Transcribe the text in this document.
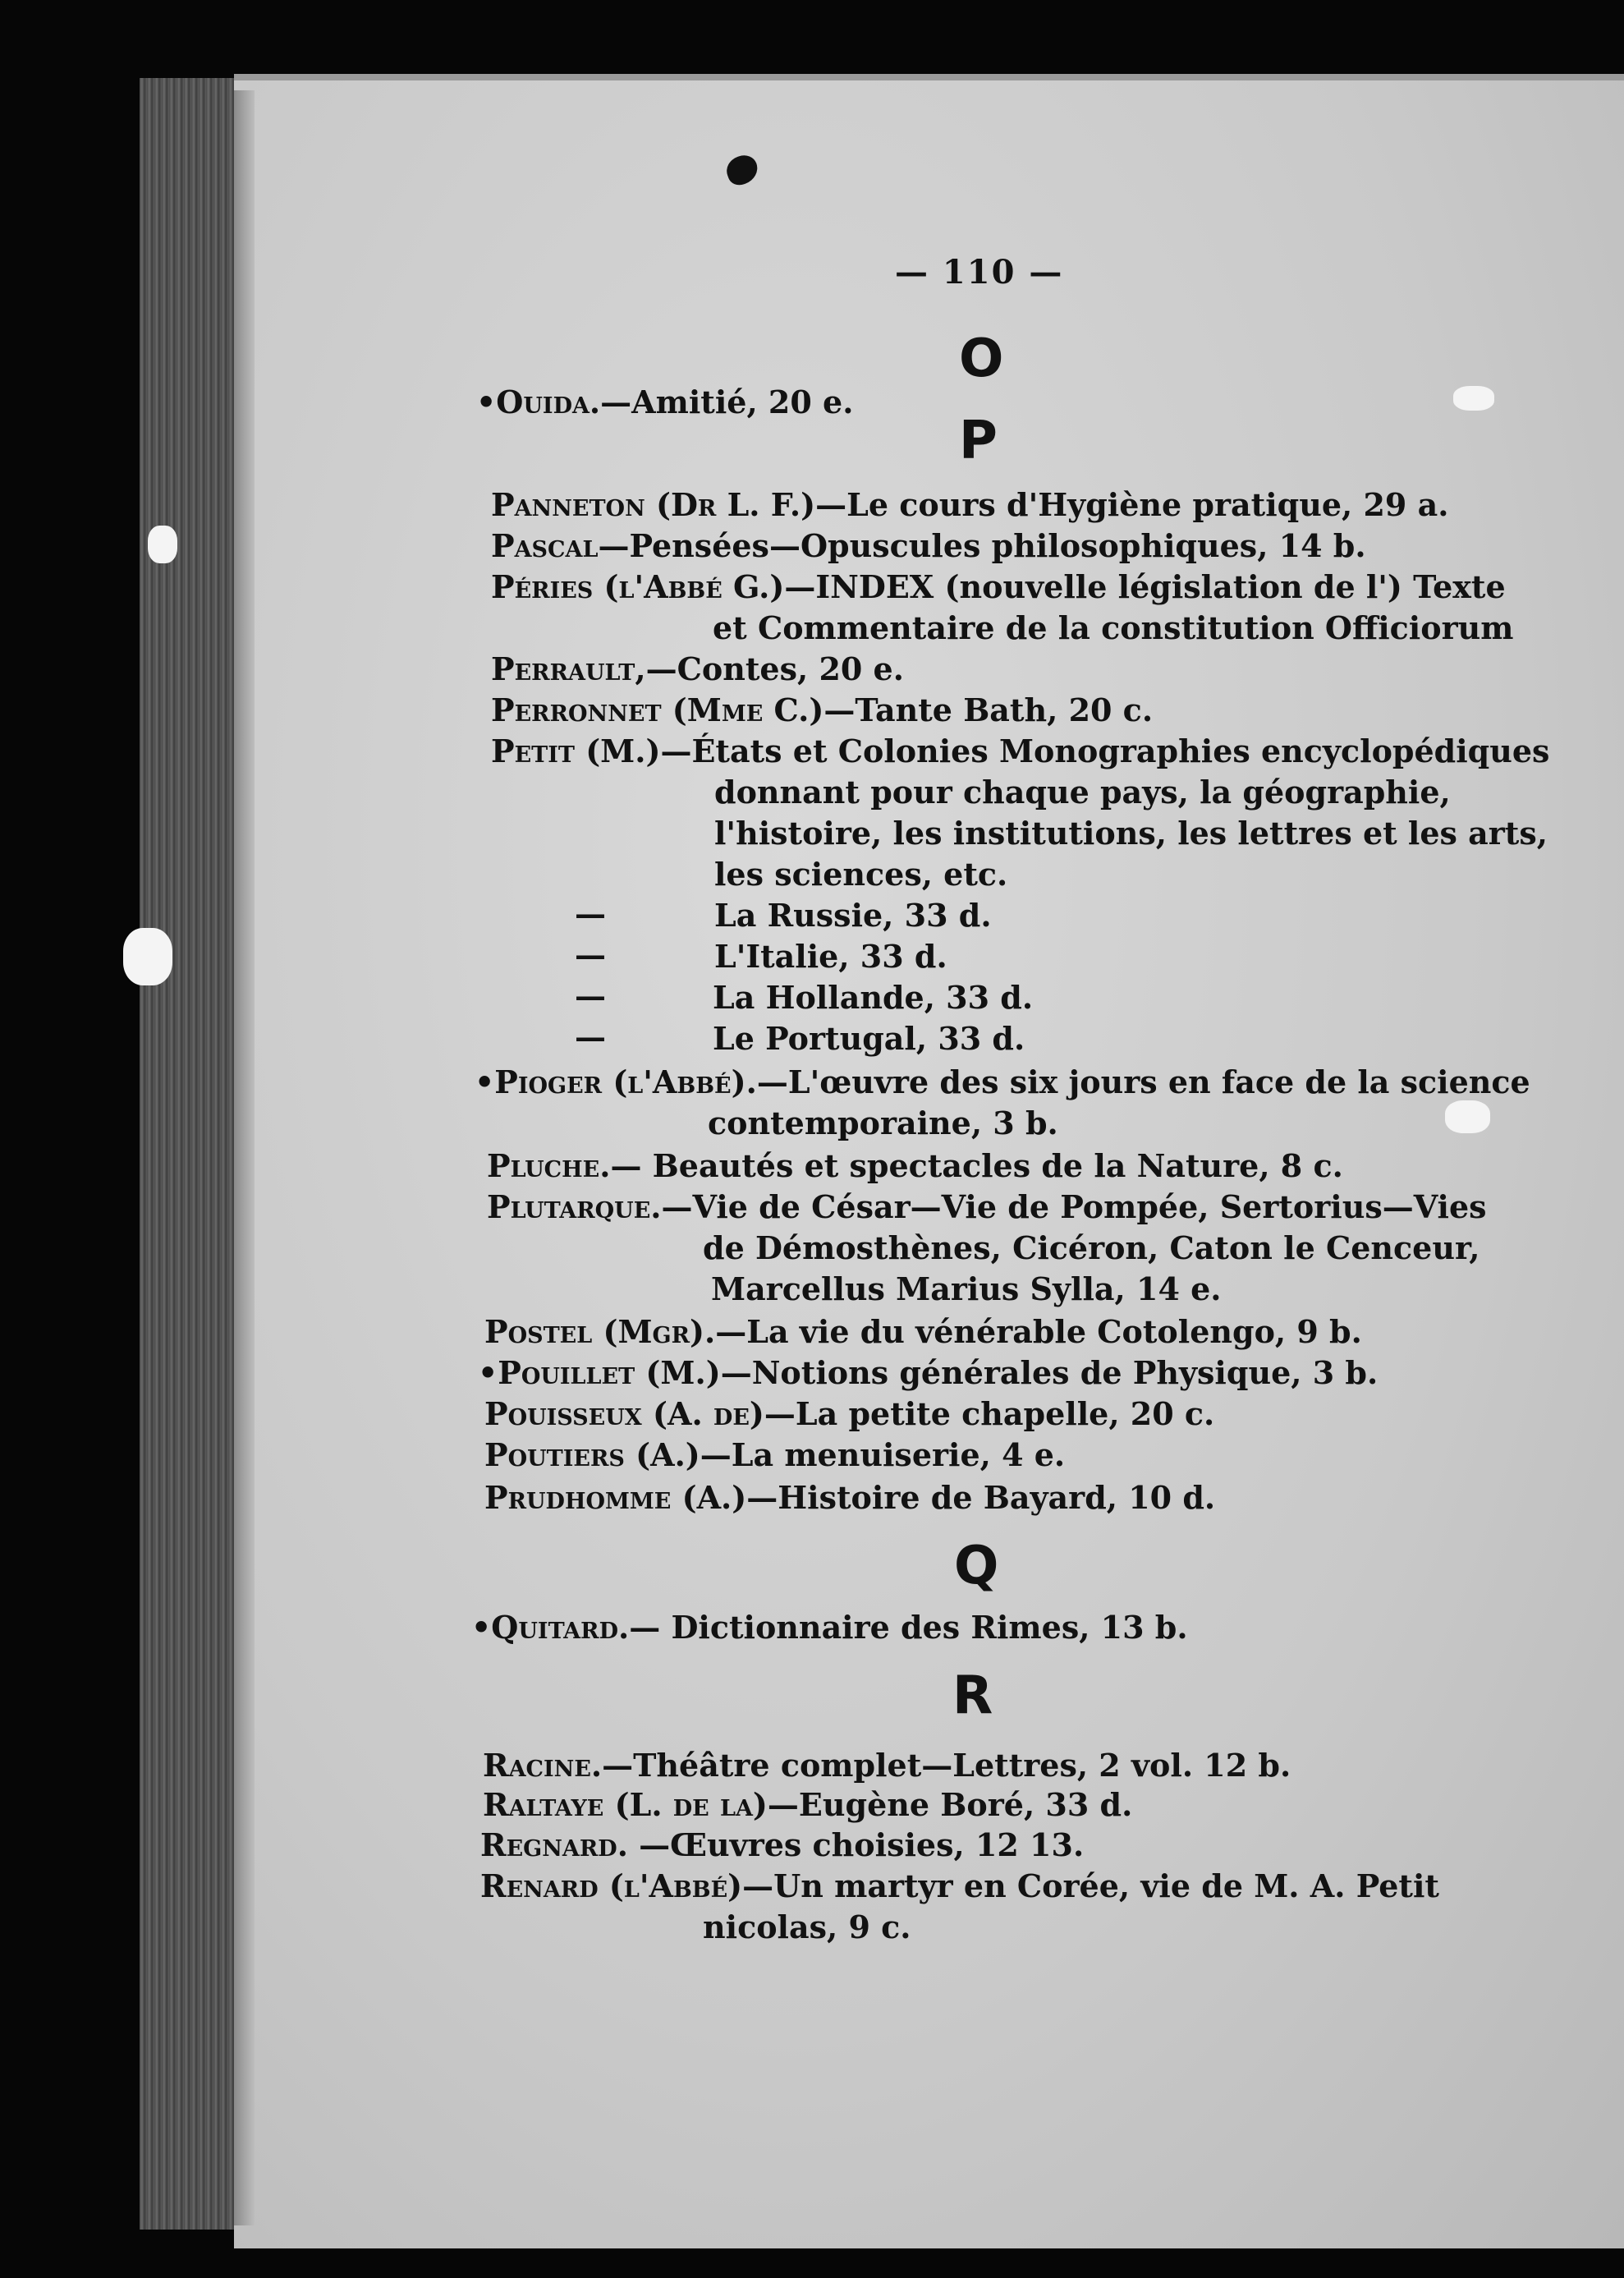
— 110 —
O
•Ouida.—Amitié, 20 e.
P
Panneton (Dr L. F.)—Le cours d'Hygiène pratique, 29 a.
Pascal—Pensées—Opuscules philosophiques, 14 b.
Péries (l'Abbé G.)—INDEX (nouvelle législation de l') Texte
et Commentaire de la constitution Officiorum
Perrault,—Contes, 20 e.
Perronnet (Mme C.)—Tante Bath, 20 c.
Petit (M.)—États et Colonies Monographies encyclopédiques
donnant pour chaque pays, la géographie,
l'histoire, les institutions, les lettres et les arts,
les sciences, etc.
—	La Russie, 33 d.
—	L'Italie, 33 d.
—	La Hollande, 33 d.
—	Le Portugal, 33 d.
•Pioger (l'Abbé).—L'œuvre des six jours en face de la science
contemporaine, 3 b.
Pluche.— Beautés et spectacles de la Nature, 8 c.
Plutarque.—Vie de César—Vie de Pompée, Sertorius—Vies
de Démosthènes, Cicéron, Caton le Cenceur,
Marcellus Marius Sylla, 14 e.
Postel (Mgr).—La vie du vénérable Cotolengo, 9 b.
•Pouillet (M.)—Notions générales de Physique, 3 b.
Pouisseux (A. de)—La petite chapelle, 20 c.
Poutiers (A.)—La menuiserie, 4 e.
Prudhomme (A.)—Histoire de Bayard, 10 d.
Q
•Quitard.— Dictionnaire des Rimes, 13 b.
R
Racine.—Théâtre complet—Lettres, 2 vol. 12 b.
Raltaye (L. de la)—Eugène Boré, 33 d.
Regnard. —Œuvres choisies, 12 13.
Renard (l'Abbé)—Un martyr en Corée, vie de M. A. Petit
nicolas, 9 c.
